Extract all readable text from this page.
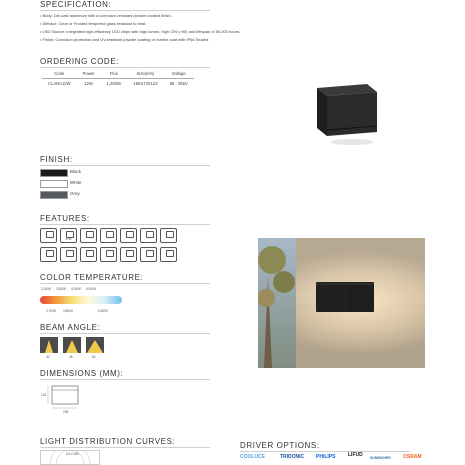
SPECIFICATION:
• Body: Die-cast aluminum with a corrosion-resistant powder-coated finish.
• Diffusor: Clear or Frosted tempered glass resistant to heat.
• LED Source: Integrated high-efficiency LED chips with high lumen, high CRI (>90) and lifespan of 50,000 hours.
• Finish: Corrosion protection and UV-resistant powder coating or marine coat with IP66 Sealed.
ORDERING CODE:
Code	Power	Flux	Size(mm)	Voltage
CLANA12W	12W	1,200lm	155X73X123	85 - 265V
FINISH:
Black
White
Grey
FEATURES:
IP-66
COLOR TEMPERATURE:
2,200K 3,000K 4,000K 5,000K
2,700K 3,500K	6,500K
BEAM ANGLE:
30	45	60
DIMENSIONS (MM):
123
155
LIGHT DISTRIBUTION CURVES:
C0-C180
DRIVER OPTIONS:
COOLUCE	TRIDONIC PHILIPS	LIFUD SUNRICHER OSRAM
